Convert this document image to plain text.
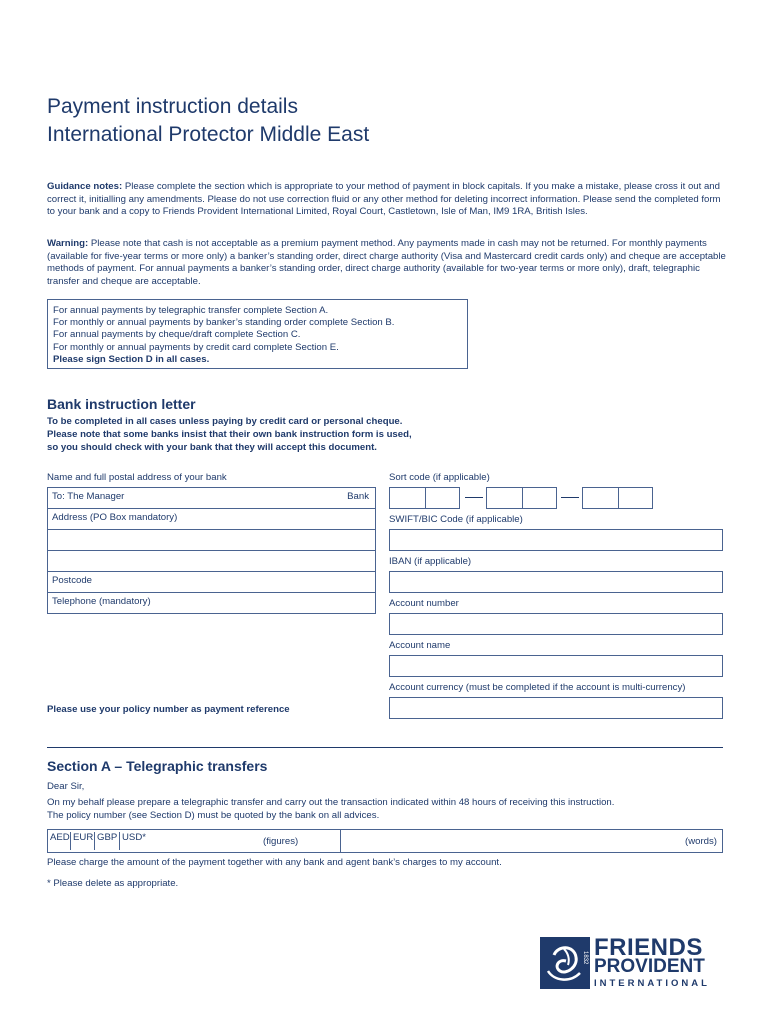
Payment instruction details
International Protector Middle East
Guidance notes: Please complete the section which is appropriate to your method of payment in block capitals. If you make a mistake, please cross it out and correct it, initialling any amendments. Please do not use correction fluid or any other method for deleting incorrect information. Please send the completed form to your bank and a copy to Friends Provident International Limited, Royal Court, Castletown, Isle of Man, IM9 1RA, British Isles.
Warning: Please note that cash is not acceptable as a premium payment method. Any payments made in cash may not be returned. For monthly payments (available for five-year terms or more only) a banker’s standing order, direct charge authority (Visa and Mastercard credit cards only) and cheque are acceptable methods of payment. For annual payments a banker’s standing order, direct charge authority (available for two-year terms or more only), draft, telegraphic transfer and cheque are acceptable.
For annual payments by telegraphic transfer complete Section A.
For monthly or annual payments by banker’s standing order complete Section B.
For annual payments by cheque/draft complete Section C.
For monthly or annual payments by credit card complete Section E.
Please sign Section D in all cases.
Bank instruction letter
To be completed in all cases unless paying by credit card or personal cheque.
Please note that some banks insist that their own bank instruction form is used,
so you should check with your bank that they will accept this document.
Name and full postal address of your bank
To: The Manager	Bank
Address (PO Box mandatory)
Postcode
Telephone (mandatory)
Sort code (if applicable)
SWIFT/BIC Code (if applicable)
IBAN (if applicable)
Account number
Account name
Account currency (must be completed if the account is multi-currency)
Please use your policy number as payment reference
Section A – Telegraphic transfers
Dear Sir,
On my behalf please prepare a telegraphic transfer and carry out the transaction indicated within 48 hours of receiving this instruction.
The policy number (see Section D) must be quoted by the bank on all advices.
AED EUR GBP USD*	(figures)	(words)
Please charge the amount of the payment together with any bank and agent bank’s charges to my account.
* Please delete as appropriate.
1832 FRIENDS
PROVIDENT
INTERNATIONAL
